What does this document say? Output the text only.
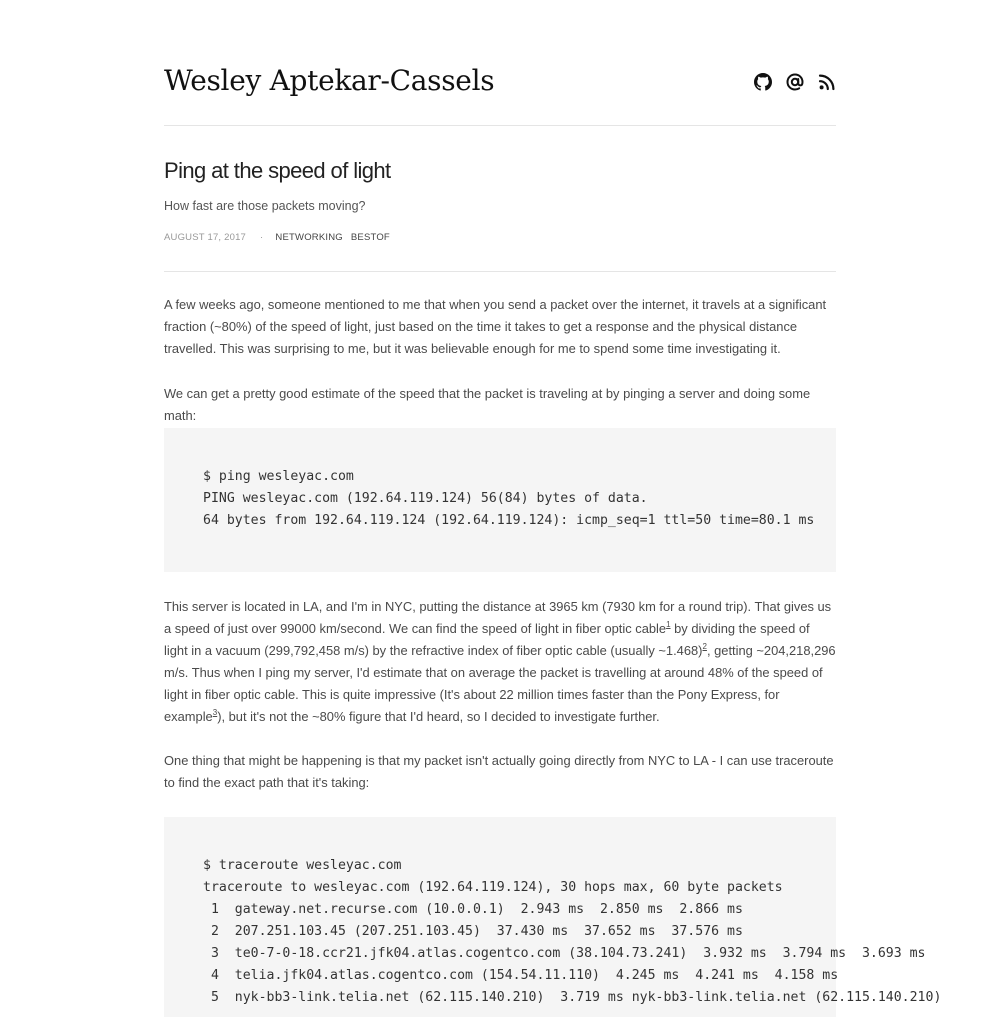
Wesley Aptekar-Cassels
Ping at the speed of light

How fast are those packets moving?

AUGUST 17, 2017 · NETWORKING BESTOF

A few weeks ago, someone mentioned to me that when you send a packet over the internet, it travels at a significant fraction (~80%) of the speed of light, just based on the time it takes to get a response and the physical distance travelled. This was surprising to me, but it was believable enough for me to spend some time investigating it.

We can get a pretty good estimate of the speed that the packet is traveling at by pinging a server and doing some math:

$ ping wesleyac.com
PING wesleyac.com (192.64.119.124) 56(84) bytes of data.
64 bytes from 192.64.119.124 (192.64.119.124): icmp_seq=1 ttl=50 time=80.1 ms

This server is located in LA, and I'm in NYC, putting the distance at 3965 km (7930 km for a round trip). That gives us a speed of just over 99000 km/second. We can find the speed of light in fiber optic cable$^1$ by dividing the speed of light in a vacuum (299,792,458 m/s) by the refractive index of fiber optic cable (usually ~1.468)$^2$, getting ~204,218,296 m/s. Thus when I ping my server, I'd estimate that on average the packet is travelling at around 48% of the speed of light in fiber optic cable. This is quite impressive (It's about 22 million times faster than the Pony Express, for example$^3$), but it's not the ~80% figure that I'd heard, so I decided to investigate further.

One thing that might be happening is that my packet isn't actually going directly from NYC to LA - I can use traceroute to find the exact path that it's taking:

$ traceroute wesleyac.com
traceroute to wesleyac.com (192.64.119.124), 30 hops max, 60 byte packets
1  gateway.net.recurse.com (10.0.0.1)  2.943 ms  2.850 ms  2.866 ms
2  207.251.103.45 (207.251.103.45)  37.430 ms  37.652 ms  37.576 ms
3  te0-7-0-18.ccr21.jfk04.atlas.cogentco.com (38.104.73.241)  3.932 ms  3.794 ms  3.693 ms
4  telia.jfk04.atlas.cogentco.com (154.54.11.110)  4.245 ms  4.241 ms  4.158 ms
5  nyk-bb3-link.telia.net (62.115.140.210)  3.719 ms nyk-bb3-link.telia.net (62.115.140.210)
